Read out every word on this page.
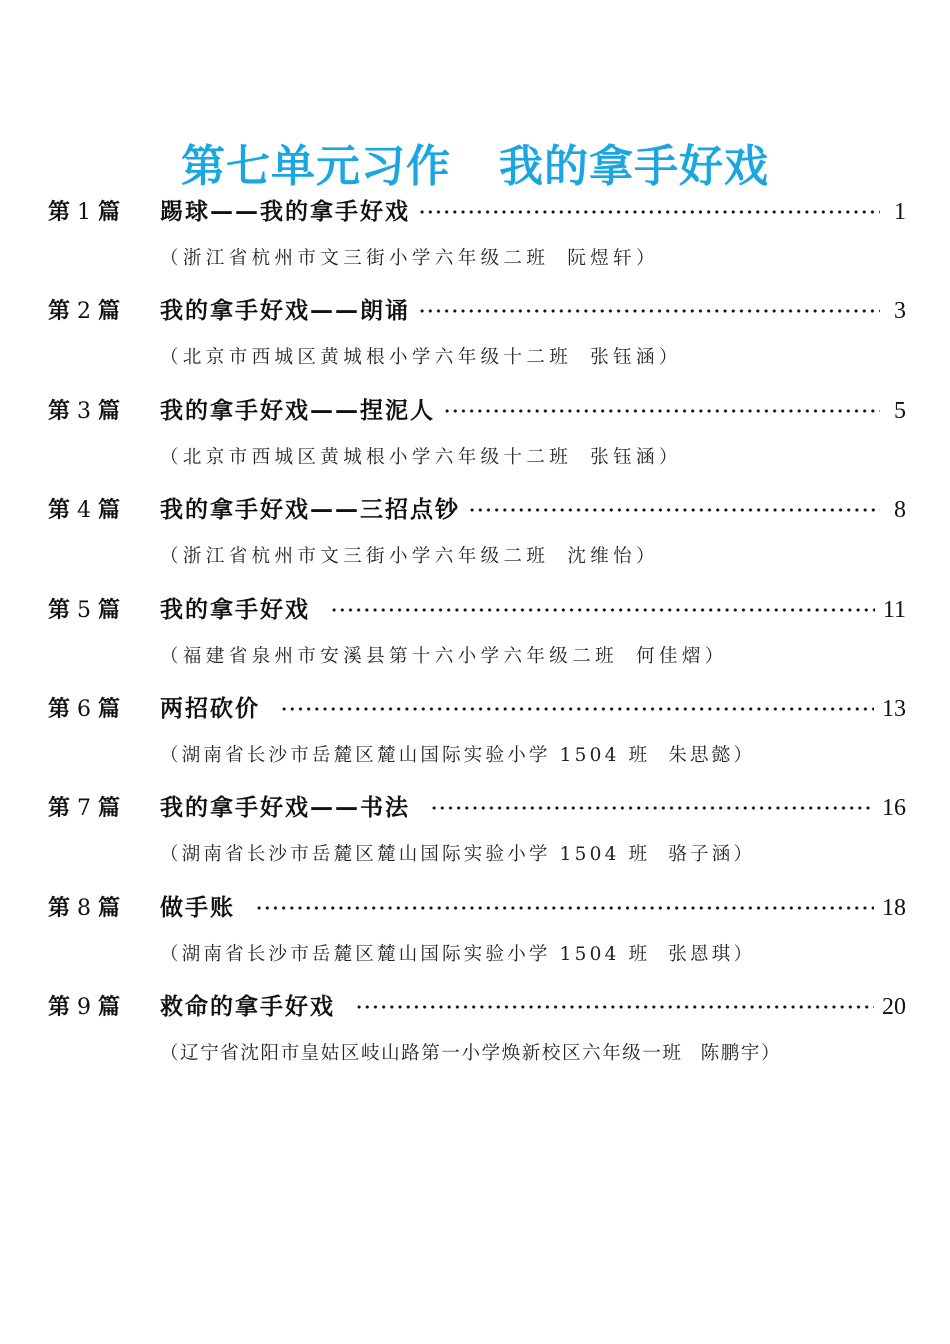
第七单元习作 我的拿手好戏
第 1 篇	踢球——我的拿手好戏	1
（浙江省杭州市文三街小学六年级二班 阮煜轩）
第 2 篇	我的拿手好戏——朗诵	3
（北京市西城区黄城根小学六年级十二班 张钰涵）
第 3 篇	我的拿手好戏——捏泥人	5
（北京市西城区黄城根小学六年级十二班 张钰涵）
第 4 篇	我的拿手好戏——三招点钞	8
（浙江省杭州市文三街小学六年级二班 沈维怡）
第 5 篇	我的拿手好戏	11
（福建省泉州市安溪县第十六小学六年级二班 何佳熠）
第 6 篇	两招砍价	13
（湖南省长沙市岳麓区麓山国际实验小学 1504 班 朱思懿）
第 7 篇	我的拿手好戏——书法	16
（湖南省长沙市岳麓区麓山国际实验小学 1504 班 骆子涵）
第 8 篇	做手账	18
（湖南省长沙市岳麓区麓山国际实验小学 1504 班 张恩琪）
第 9 篇	救命的拿手好戏	20
（辽宁省沈阳市皇姑区岐山路第一小学焕新校区六年级一班 陈鹏宇）
